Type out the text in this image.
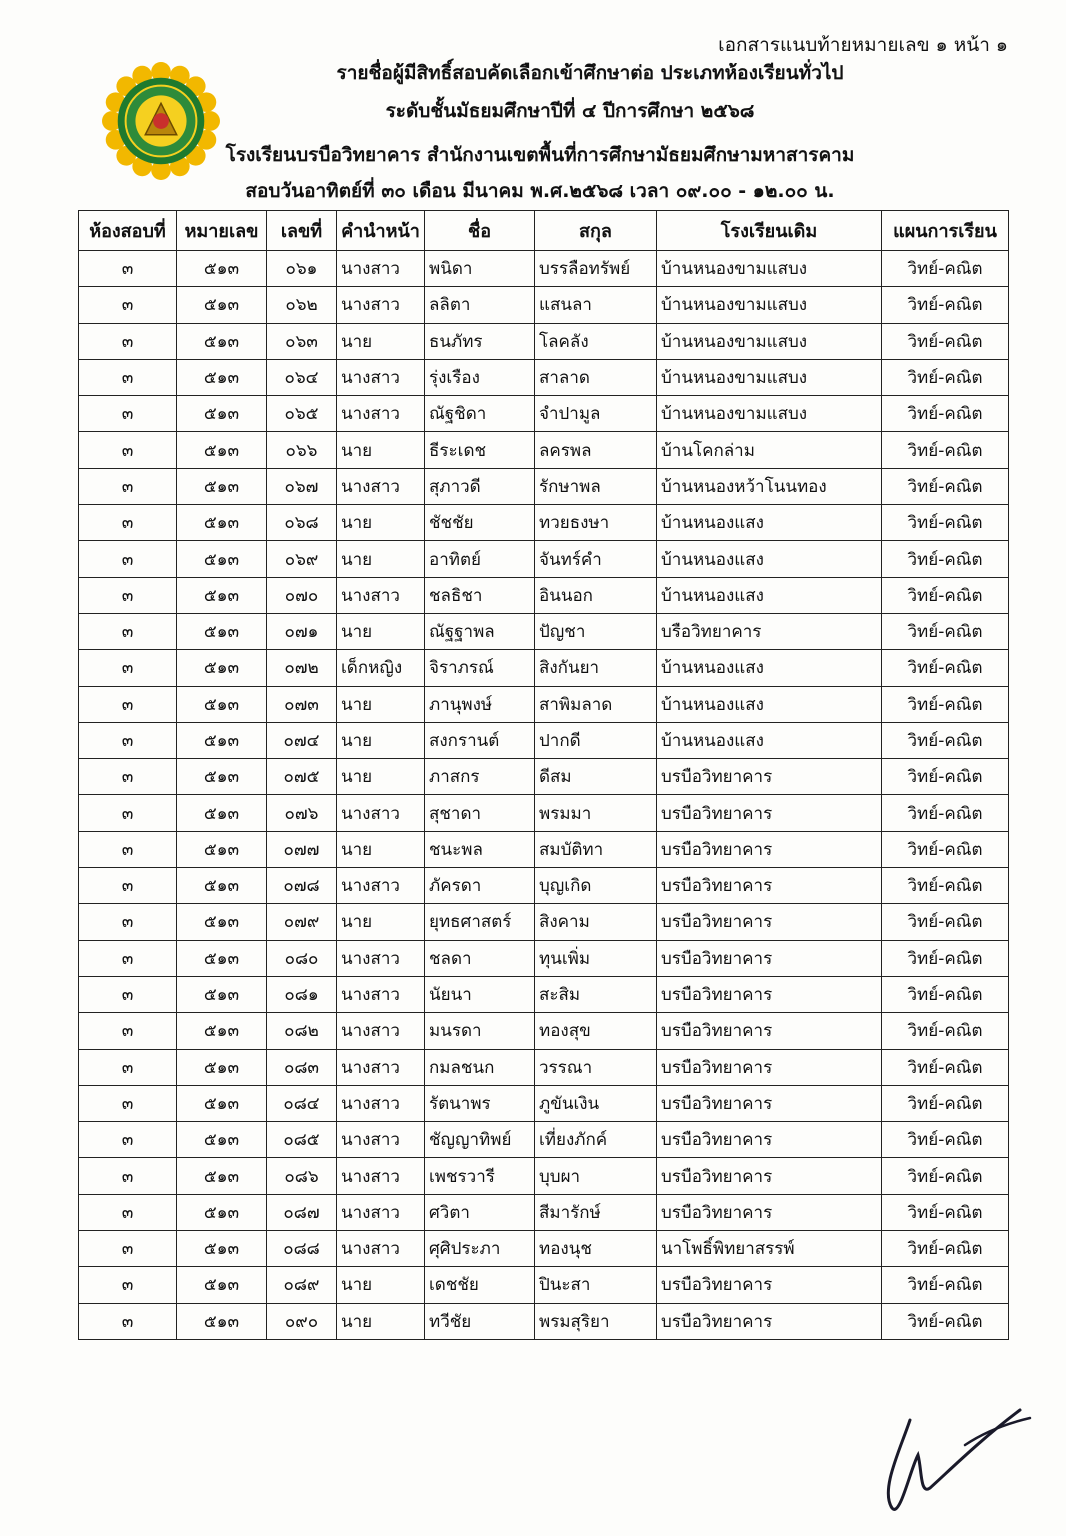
เอกสารแนบท้ายหมายเลข ๑ หน้า ๑
รายชื่อผู้มีสิทธิ์สอบคัดเลือกเข้าศึกษาต่อ ประเภทห้องเรียนทั่วไป
ระดับชั้นมัธยมศึกษาปีที่ ๔ ปีการศึกษา ๒๕๖๘
โรงเรียนบรบือวิทยาคาร สำนักงานเขตพื้นที่การศึกษามัธยมศึกษามหาสารคาม
สอบวันอาทิตย์ที่ ๓๐ เดือน มีนาคม พ.ศ.๒๕๖๘ เวลา ๐๙.๐๐ - ๑๒.๐๐ น.
ห้องสอบที่	หมายเลข	เลขที่	คำนำหน้า	ชื่อ	สกุล	โรงเรียนเดิม	แผนการเรียน
๓	๕๑๓	๐๖๑	นางสาว	พนิดา	บรรลือทรัพย์	บ้านหนองขามแสบง	วิทย์-คณิต
๓	๕๑๓	๐๖๒	นางสาว	ลลิตา	แสนลา	บ้านหนองขามแสบง	วิทย์-คณิต
๓	๕๑๓	๐๖๓	นาย	ธนภัทร	โลคลัง	บ้านหนองขามแสบง	วิทย์-คณิต
๓	๕๑๓	๐๖๔	นางสาว	รุ่งเรือง	สาลาด	บ้านหนองขามแสบง	วิทย์-คณิต
๓	๕๑๓	๐๖๕	นางสาว	ณัฐชิดา	จำปามูล	บ้านหนองขามแสบง	วิทย์-คณิต
๓	๕๑๓	๐๖๖	นาย	ธีระเดช	ลครพล	บ้านโคกล่าม	วิทย์-คณิต
๓	๕๑๓	๐๖๗	นางสาว	สุภาวดี	รักษาพล	บ้านหนองหว้าโนนทอง	วิทย์-คณิต
๓	๕๑๓	๐๖๘	นาย	ชัชชัย	ทวยธงษา	บ้านหนองแสง	วิทย์-คณิต
๓	๕๑๓	๐๖๙	นาย	อาทิตย์	จันทร์คำ	บ้านหนองแสง	วิทย์-คณิต
๓	๕๑๓	๐๗๐	นางสาว	ชลธิชา	อินนอก	บ้านหนองแสง	วิทย์-คณิต
๓	๕๑๓	๐๗๑	นาย	ณัฐฐาพล	ปัญชา	บรือวิทยาคาร	วิทย์-คณิต
๓	๕๑๓	๐๗๒	เด็กหญิง	จิราภรณ์	สิงกันยา	บ้านหนองแสง	วิทย์-คณิต
๓	๕๑๓	๐๗๓	นาย	ภานุพงษ์	สาพิมลาด	บ้านหนองแสง	วิทย์-คณิต
๓	๕๑๓	๐๗๔	นาย	สงกรานต์	ปากดี	บ้านหนองแสง	วิทย์-คณิต
๓	๕๑๓	๐๗๕	นาย	ภาสกร	ดีสม	บรบือวิทยาคาร	วิทย์-คณิต
๓	๕๑๓	๐๗๖	นางสาว	สุชาดา	พรมมา	บรบือวิทยาคาร	วิทย์-คณิต
๓	๕๑๓	๐๗๗	นาย	ชนะพล	สมบัติทา	บรบือวิทยาคาร	วิทย์-คณิต
๓	๕๑๓	๐๗๘	นางสาว	ภัครดา	บุญเกิด	บรบือวิทยาคาร	วิทย์-คณิต
๓	๕๑๓	๐๗๙	นาย	ยุทธศาสตร์	สิงคาม	บรบือวิทยาคาร	วิทย์-คณิต
๓	๕๑๓	๐๘๐	นางสาว	ชลดา	ทุนเพิ่ม	บรบือวิทยาคาร	วิทย์-คณิต
๓	๕๑๓	๐๘๑	นางสาว	นัยนา	สะสิม	บรบือวิทยาคาร	วิทย์-คณิต
๓	๕๑๓	๐๘๒	นางสาว	มนรดา	ทองสุข	บรบือวิทยาคาร	วิทย์-คณิต
๓	๕๑๓	๐๘๓	นางสาว	กมลชนก	วรรณา	บรบือวิทยาคาร	วิทย์-คณิต
๓	๕๑๓	๐๘๔	นางสาว	รัตนาพร	ภูขันเงิน	บรบือวิทยาคาร	วิทย์-คณิต
๓	๕๑๓	๐๘๕	นางสาว	ชัญญาทิพย์	เที่ยงภักค์	บรบือวิทยาคาร	วิทย์-คณิต
๓	๕๑๓	๐๘๖	นางสาว	เพชรวารี	บุบผา	บรบือวิทยาคาร	วิทย์-คณิต
๓	๕๑๓	๐๘๗	นางสาว	ศวิตา	สีมารักษ์	บรบือวิทยาคาร	วิทย์-คณิต
๓	๕๑๓	๐๘๘	นางสาว	ศุศิประภา	ทองนุช	นาโพธิ์พิทยาสรรพ์	วิทย์-คณิต
๓	๕๑๓	๐๘๙	นาย	เดชชัย	ปินะสา	บรบือวิทยาคาร	วิทย์-คณิต
๓	๕๑๓	๐๙๐	นาย	ทวีชัย	พรมสุริยา	บรบือวิทยาคาร	วิทย์-คณิต
